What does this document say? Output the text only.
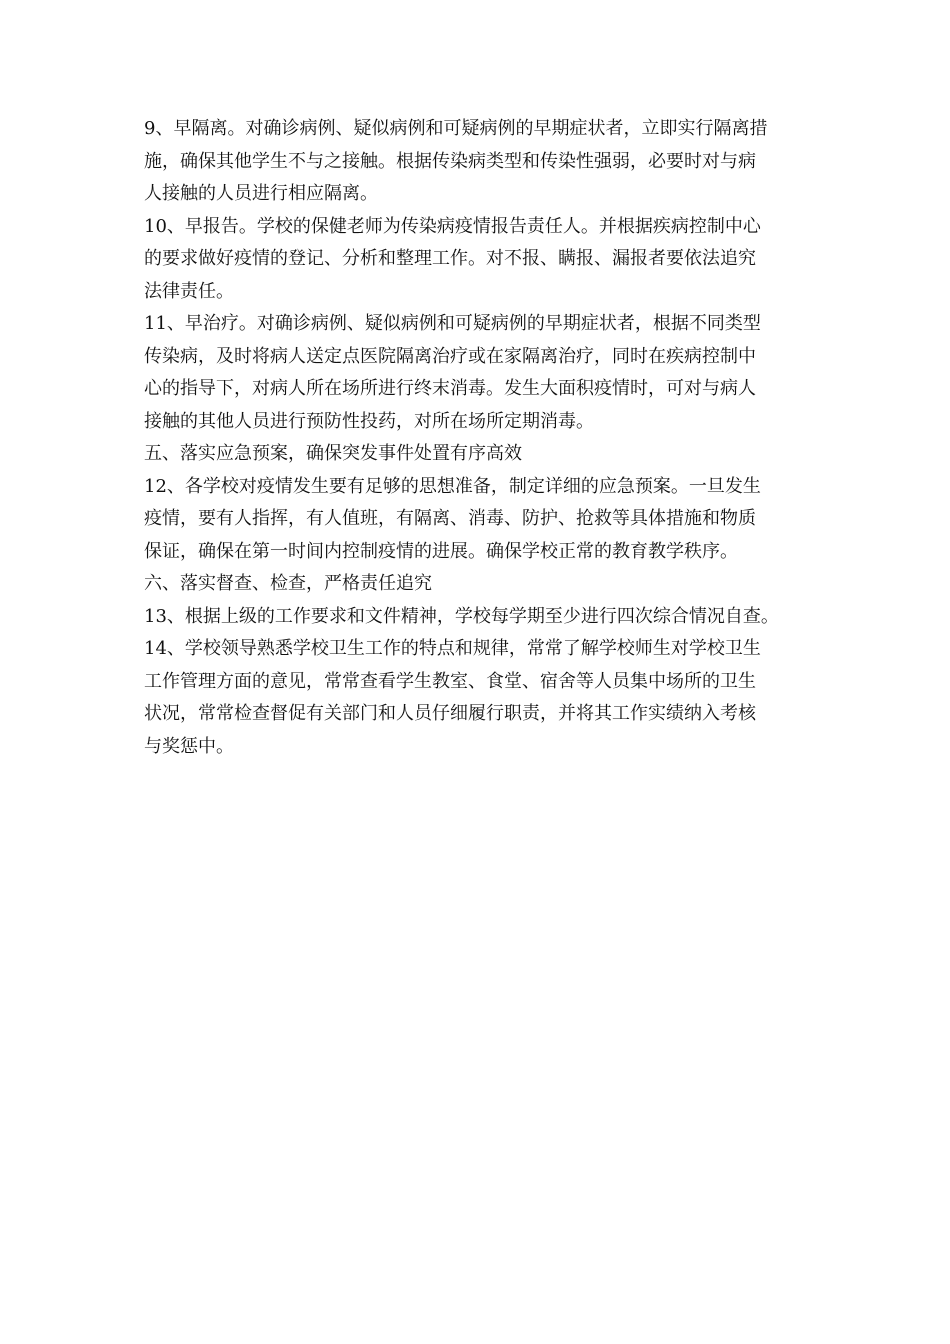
9、早隔离。对确诊病例、疑似病例和可疑病例的早期症状者，立即实行隔离措
施，确保其他学生不与之接触。根据传染病类型和传染性强弱，必要时对与病
人接触的人员进行相应隔离。

10、早报告。学校的保健老师为传染病疫情报告责任人。并根据疾病控制中心
的要求做好疫情的登记、分析和整理工作。对不报、瞒报、漏报者要依法追究
法律责任。

11、早治疗。对确诊病例、疑似病例和可疑病例的早期症状者，根据不同类型
传染病，及时将病人送定点医院隔离治疗或在家隔离治疗，同时在疾病控制中
心的指导下，对病人所在场所进行终末消毒。发生大面积疫情时，可对与病人
接触的其他人员进行预防性投药，对所在场所定期消毒。

五、落实应急预案，确保突发事件处置有序高效

12、各学校对疫情发生要有足够的思想准备，制定详细的应急预案。一旦发生
疫情，要有人指挥，有人值班，有隔离、消毒、防护、抢救等具体措施和物质
保证，确保在第一时间内控制疫情的进展。确保学校正常的教育教学秩序。

六、落实督查、检查，严格责任追究

13、根据上级的工作要求和文件精神，学校每学期至少进行四次综合情况自查。

14、学校领导熟悉学校卫生工作的特点和规律，常常了解学校师生对学校卫生
工作管理方面的意见，常常查看学生教室、食堂、宿舍等人员集中场所的卫生
状况，常常检查督促有关部门和人员仔细履行职责，并将其工作实绩纳入考核
与奖惩中。
